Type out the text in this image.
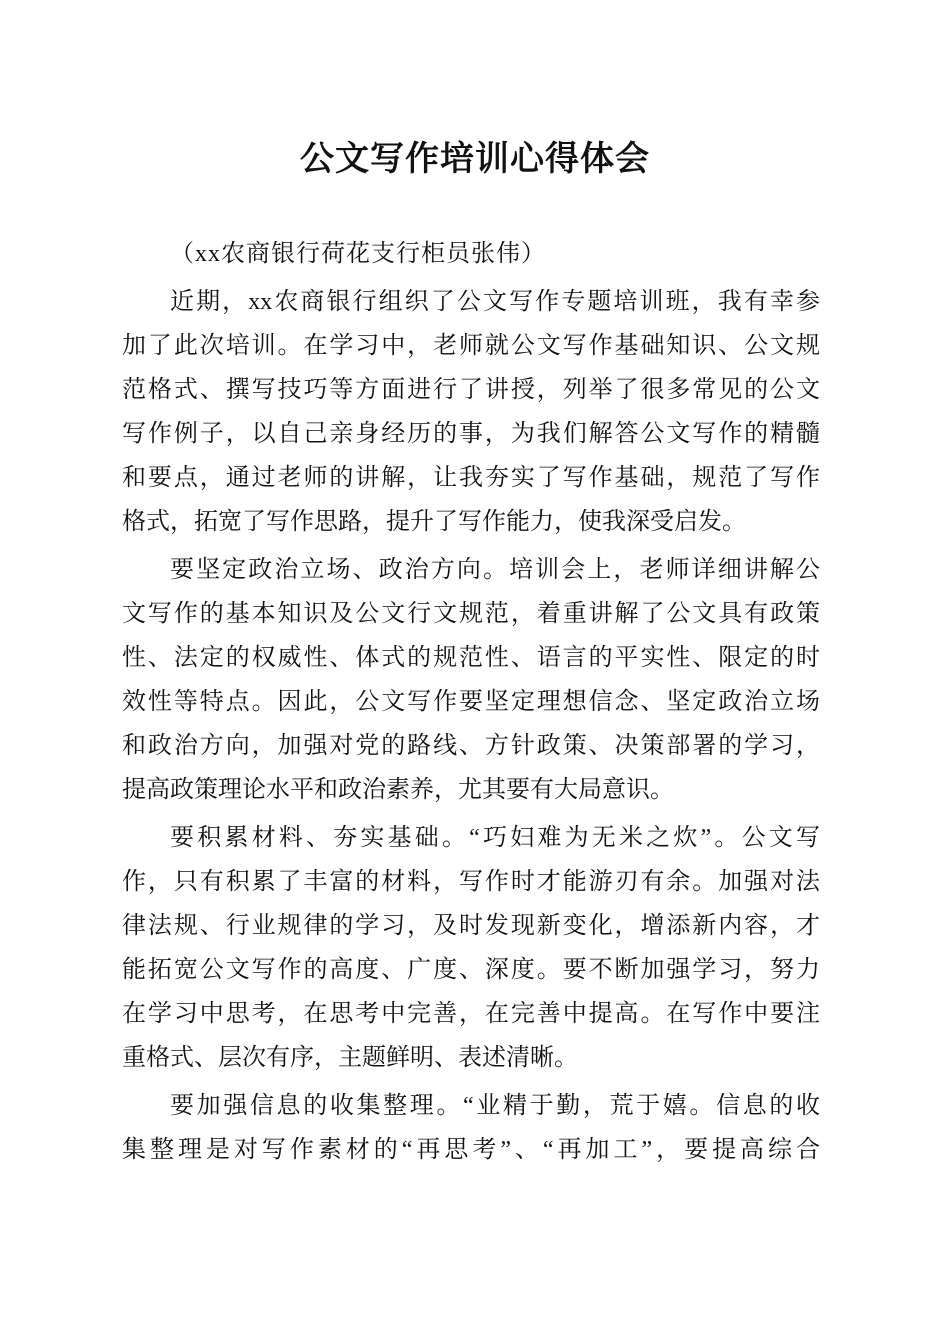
公文写作培训心得体会
（xx农商银行荷花支行柜员张伟）
近期，xx农商银行组织了公文写作专题培训班，我有幸参
加了此次培训。在学习中，老师就公文写作基础知识、公文规
范格式、撰写技巧等方面进行了讲授，列举了很多常见的公文
写作例子，以自己亲身经历的事，为我们解答公文写作的精髓
和要点，通过老师的讲解，让我夯实了写作基础，规范了写作
格式，拓宽了写作思路，提升了写作能力，使我深受启发。
要坚定政治立场、政治方向。培训会上，老师详细讲解公
文写作的基本知识及公文行文规范，着重讲解了公文具有政策
性、法定的权威性、体式的规范性、语言的平实性、限定的时
效性等特点。因此，公文写作要坚定理想信念、坚定政治立场
和政治方向，加强对党的路线、方针政策、决策部署的学习，
提高政策理论水平和政治素养，尤其要有大局意识。
要积累材料、夯实基础。“巧妇难为无米之炊”。公文写
作，只有积累了丰富的材料，写作时才能游刃有余。加强对法
律法规、行业规律的学习，及时发现新变化，增添新内容，才
能拓宽公文写作的高度、广度、深度。要不断加强学习，努力
在学习中思考，在思考中完善，在完善中提高。在写作中要注
重格式、层次有序，主题鲜明、表述清晰。
要加强信息的收集整理。“业精于勤，荒于嬉。信息的收
集整理是对写作素材的“再思考”、“再加工”，要提高综合
